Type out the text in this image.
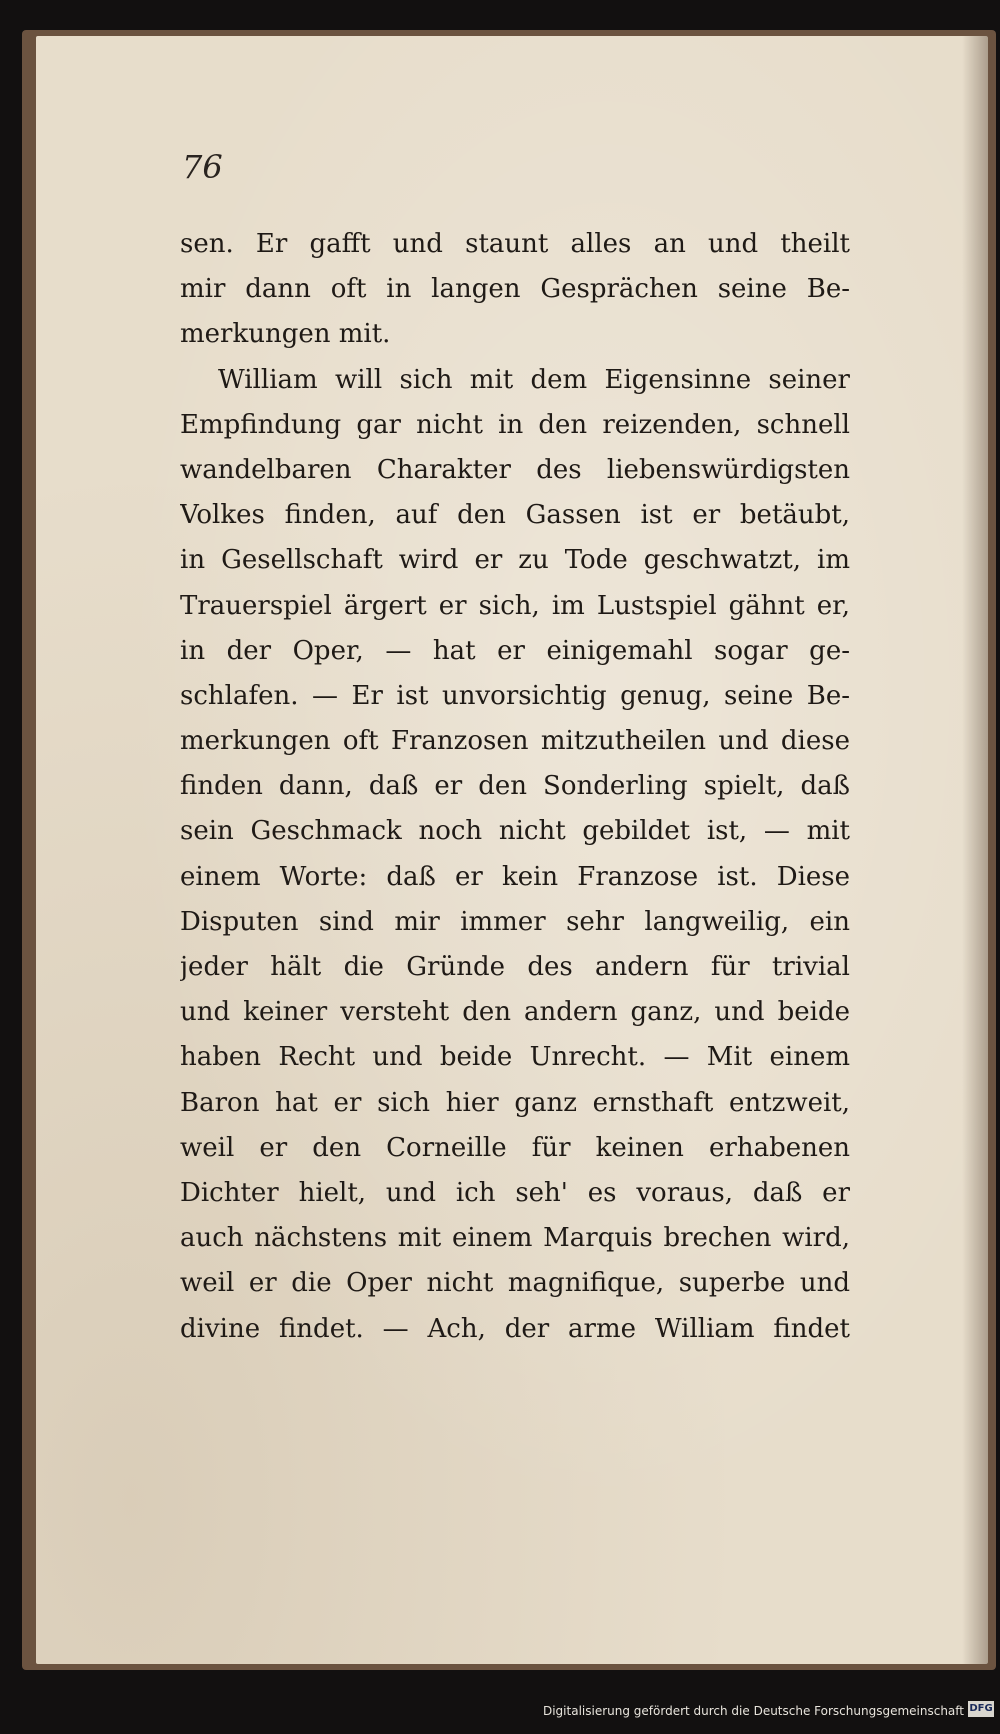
76
sen. Er gafft und staunt alles an und theilt
mir dann oft in langen Gesprächen seine Be-
merkungen mit.
William will sich mit dem Eigensinne seiner
Empfindung gar nicht in den reizenden, schnell
wandelbaren Charakter des liebenswürdigsten
Volkes finden, auf den Gassen ist er betäubt,
in Gesellschaft wird er zu Tode geschwatzt, im
Trauerspiel ärgert er sich, im Lustspiel gähnt er,
in der Oper, — hat er einigemahl sogar ge-
schlafen. — Er ist unvorsichtig genug, seine Be-
merkungen oft Franzosen mitzutheilen und diese
finden dann, daß er den Sonderling spielt, daß
sein Geschmack noch nicht gebildet ist, — mit
einem Worte: daß er kein Franzose ist. Diese
Disputen sind mir immer sehr langweilig, ein
jeder hält die Gründe des andern für trivial
und keiner versteht den andern ganz, und beide
haben Recht und beide Unrecht. — Mit einem
Baron hat er sich hier ganz ernsthaft entzweit,
weil er den Corneille für keinen erhabenen
Dichter hielt, und ich seh' es voraus, daß er
auch nächstens mit einem Marquis brechen wird,
weil er die Oper nicht magnifique, superbe und
divine findet. — Ach, der arme William findet
Digitalisierung gefördert durch die Deutsche Forschungsgemeinschaft DFG
